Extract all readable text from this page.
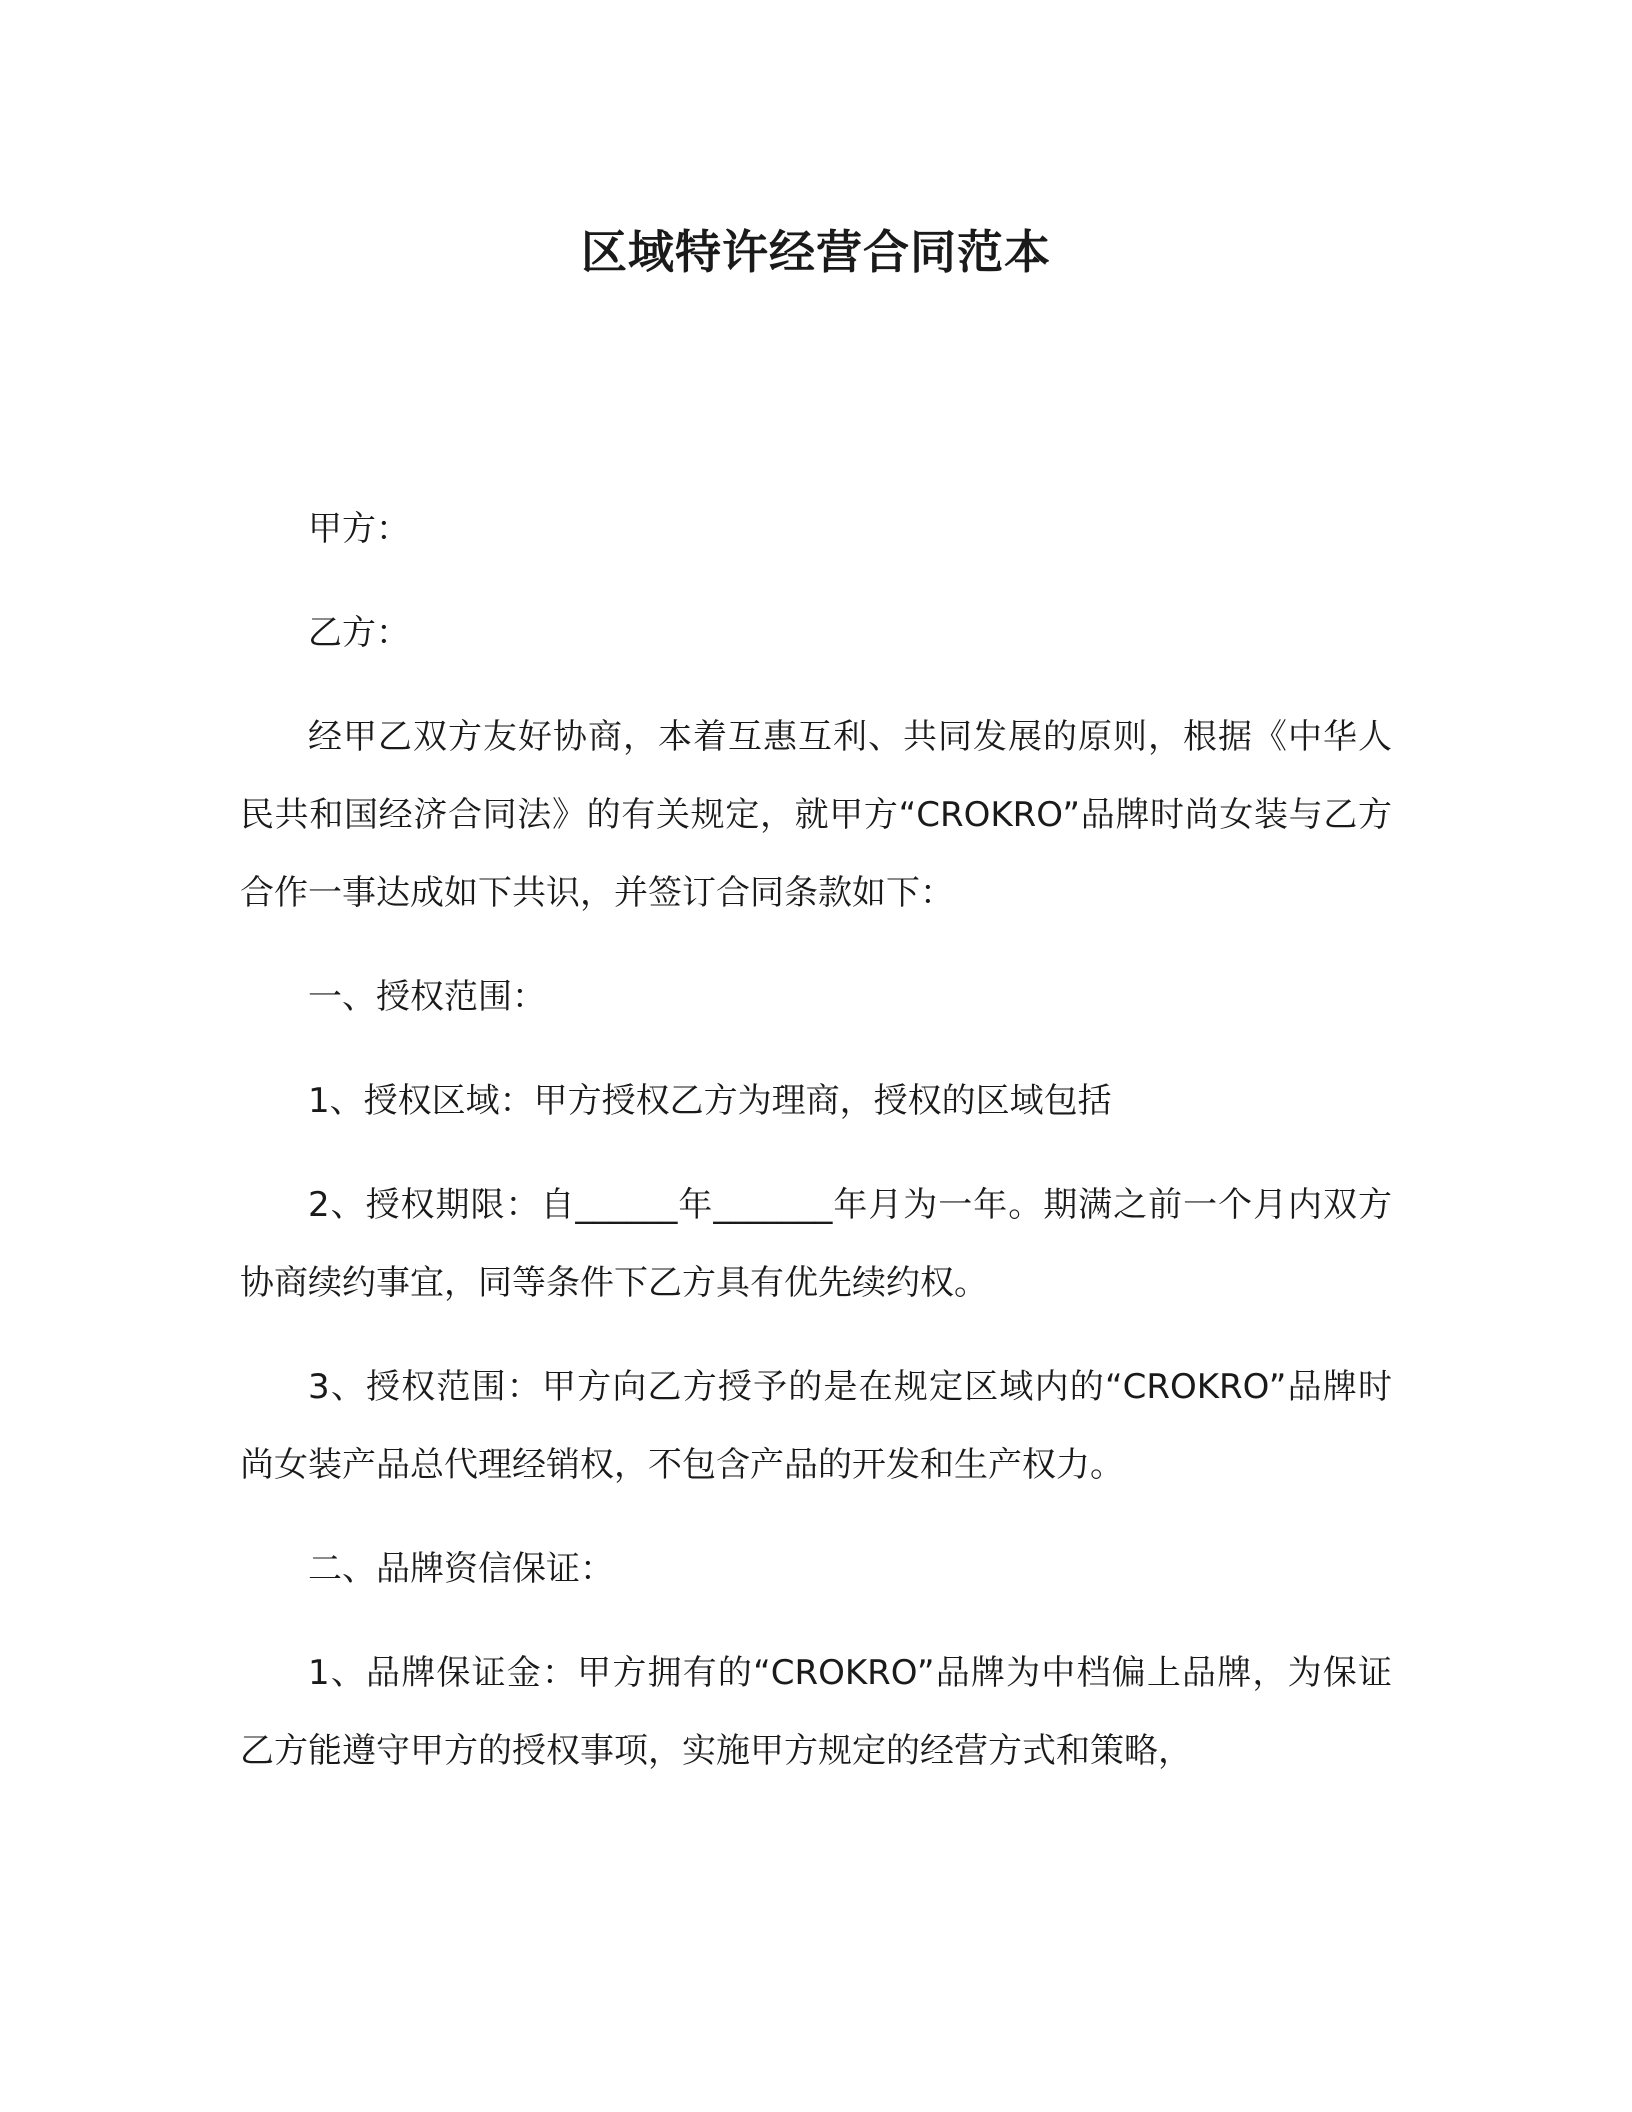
区域特许经营合同范本

甲方：

乙方：

经甲乙双方友好协商，本着互惠互利、共同发展的原则，根据《中华人民共和国经济合同法》的有关规定，就甲方“CROKRO”品牌时尚女装与乙方合作一事达成如下共识，并签订合同条款如下：

一、授权范围：

1、授权区域：甲方授权乙方为理商，授权的区域包括

2、授权期限：自______年_______年月为一年。期满之前一个月内双方协商续约事宜，同等条件下乙方具有优先续约权。

3、授权范围：甲方向乙方授予的是在规定区域内的“CROKRO”品牌时尚女装产品总代理经销权，不包含产品的开发和生产权力。

二、品牌资信保证：

1、品牌保证金：甲方拥有的“CROKRO”品牌为中档偏上品牌，为保证乙方能遵守甲方的授权事项，实施甲方规定的经营方式和策略，
